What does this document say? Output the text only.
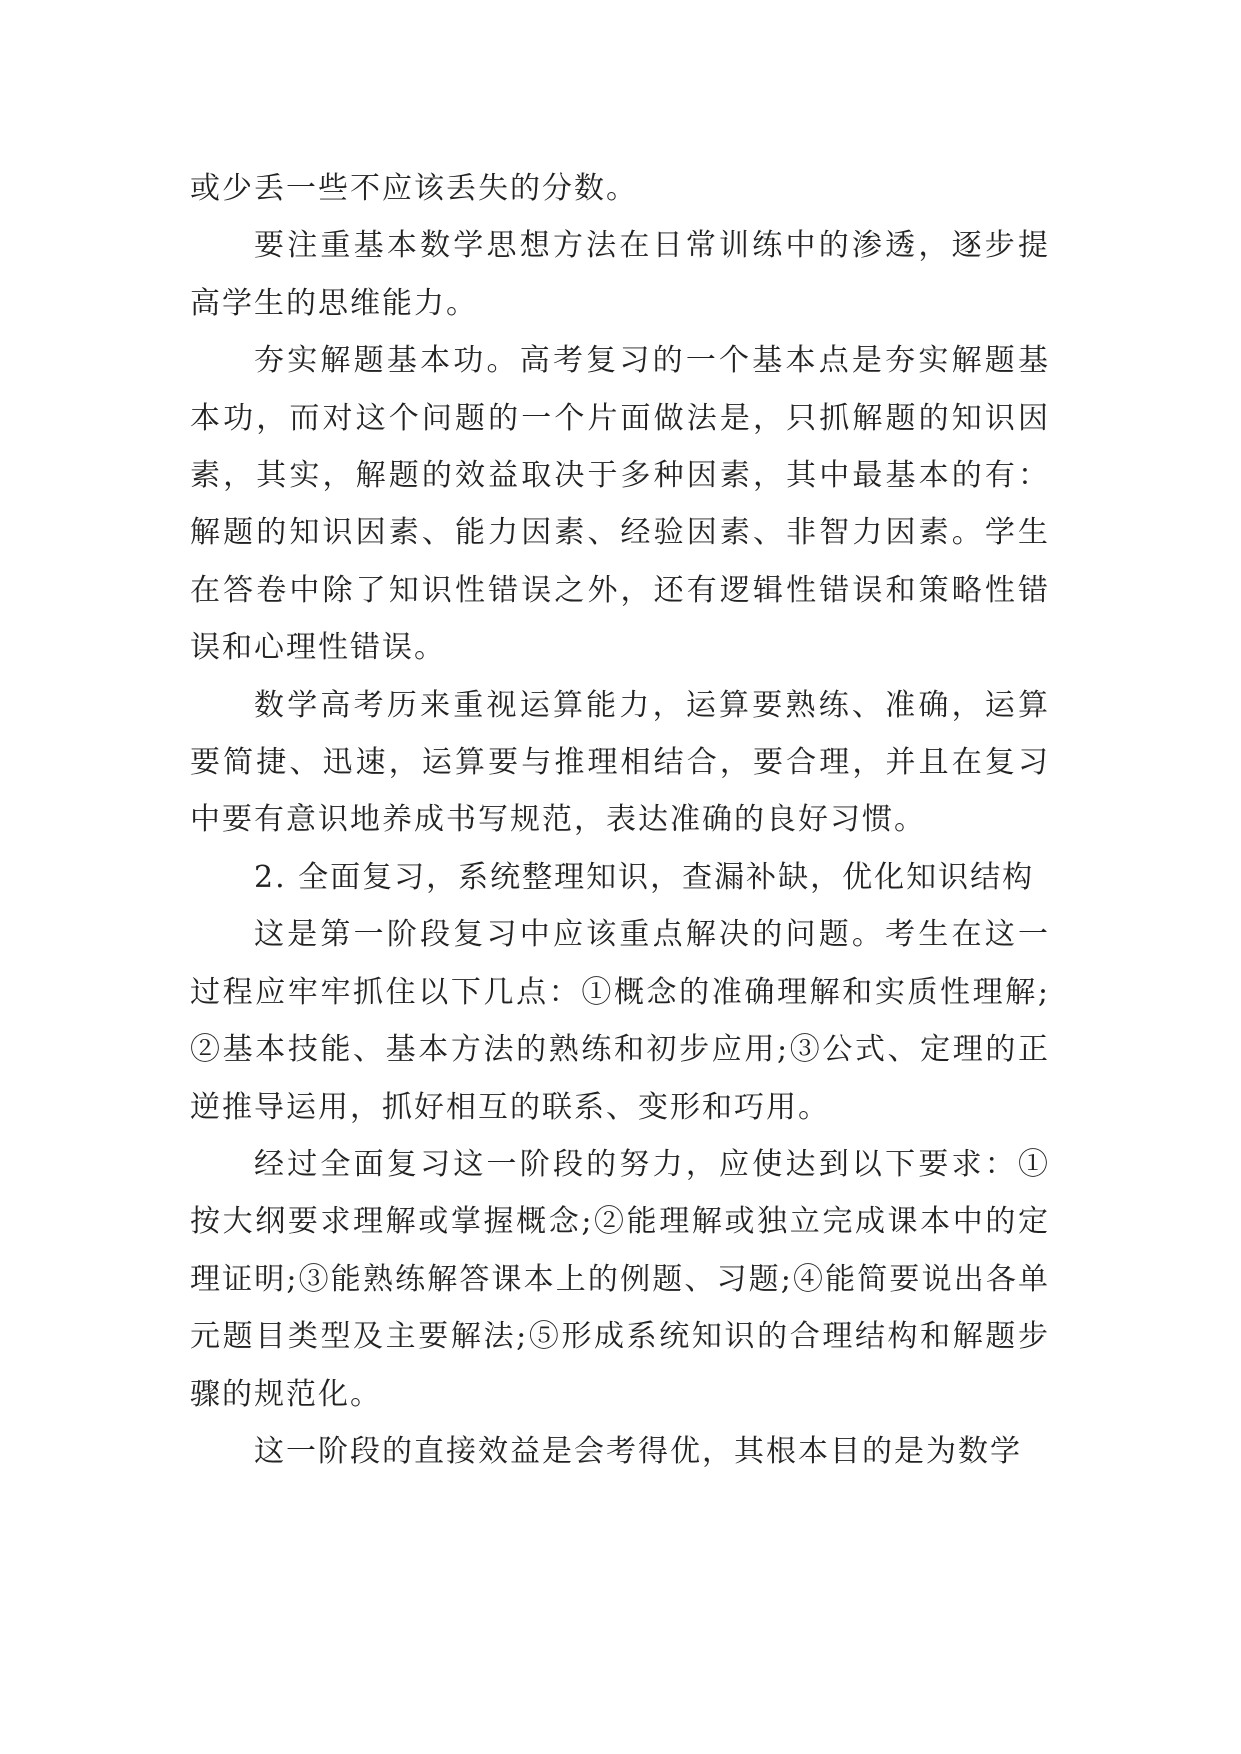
或少丢一些不应该丢失的分数。

要注重基本数学思想方法在日常训练中的渗透，逐步提高学生的思维能力。

夯实解题基本功。高考复习的一个基本点是夯实解题基本功，而对这个问题的一个片面做法是，只抓解题的知识因素，其实，解题的效益取决于多种因素，其中最基本的有：解题的知识因素、能力因素、经验因素、非智力因素。学生在答卷中除了知识性错误之外，还有逻辑性错误和策略性错误和心理性错误。

数学高考历来重视运算能力，运算要熟练、准确，运算要简捷、迅速，运算要与推理相结合，要合理，并且在复习中要有意识地养成书写规范，表达准确的良好习惯。

2. 全面复习，系统整理知识，查漏补缺，优化知识结构

这是第一阶段复习中应该重点解决的问题。考生在这一过程应牢牢抓住以下几点：①概念的准确理解和实质性理解;②基本技能、基本方法的熟练和初步应用;③公式、定理的正逆推导运用，抓好相互的联系、变形和巧用。

经过全面复习这一阶段的努力，应使达到以下要求：①按大纲要求理解或掌握概念;②能理解或独立完成课本中的定理证明;③能熟练解答课本上的例题、习题;④能简要说出各单元题目类型及主要解法;⑤形成系统知识的合理结构和解题步骤的规范化。

这一阶段的直接效益是会考得优，其根本目的是为数学
